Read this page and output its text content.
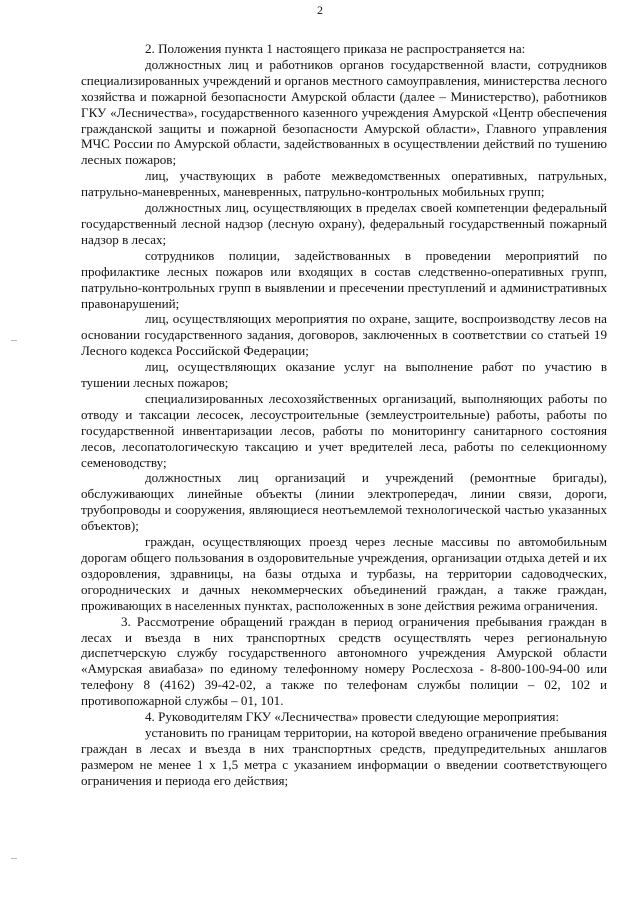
2

2. Положения пункта 1 настоящего приказа не распространяется на:

должностных лиц и работников органов государственной власти, сотрудников специализированных учреждений и органов местного самоуправления, министерства лесного хозяйства и пожарной безопасности Амурской области (далее – Министерство), работников ГКУ «Лесничества», государственного казенного учреждения Амурской «Центр обеспечения гражданской защиты и пожарной безопасности Амурской области», Главного управления МЧС России по Амурской области, задействованных в осуществлении действий по тушению лесных пожаров;

лиц, участвующих в работе межведомственных оперативных, патрульных, патрульно-маневренных, маневренных, патрульно-контрольных мобильных групп;

должностных лиц, осуществляющих в пределах своей компетенции федеральный государственный лесной надзор (лесную охрану), федеральный государственный пожарный надзор в лесах;

сотрудников полиции, задействованных в проведении мероприятий по профилактике лесных пожаров или входящих в состав следственно-оперативных групп, патрульно-контрольных групп в выявлении и пресечении преступлений и административных правонарушений;

лиц, осуществляющих мероприятия по охране, защите, воспроизводству лесов на основании государственного задания, договоров, заключенных в соответствии со статьей 19 Лесного кодекса Российской Федерации;

лиц, осуществляющих оказание услуг на выполнение работ по участию в тушении лесных пожаров;

специализированных лесохозяйственных организаций, выполняющих работы по отводу и таксации лесосек, лесоустроительные (землеустроительные) работы, работы по государственной инвентаризации лесов, работы по мониторингу санитарного состояния лесов, лесопатологическую таксацию и учет вредителей леса, работы по селекционному семеноводству;

должностных лиц организаций и учреждений (ремонтные бригады), обслуживающих линейные объекты (линии электропередач, линии связи, дороги, трубопроводы и сооружения, являющиеся неотъемлемой технологической частью указанных объектов);

граждан, осуществляющих проезд через лесные массивы по автомобильным дорогам общего пользования в оздоровительные учреждения, организации отдыха детей и их оздоровления, здравницы, на базы отдыха и турбазы, на территории садоводческих, огороднических и дачных некоммерческих объединений граждан, а также граждан, проживающих в населенных пунктах, расположенных в зоне действия режима ограничения.

3. Рассмотрение обращений граждан в период ограничения пребывания граждан в лесах и въезда в них транспортных средств осуществлять через региональную диспетчерскую службу государственного автономного учреждения Амурской области «Амурская авиабаза» по единому телефонному номеру Рослесхоза - 8-800-100-94-00 или телефону 8 (4162) 39-42-02, а также по телефонам службы полиции – 02, 102 и противопожарной службы – 01, 101.

4. Руководителям ГКУ «Лесничества» провести следующие мероприятия:

установить по границам территории, на которой введено ограничение пребывания граждан в лесах и въезда в них транспортных средств, предупредительных аншлагов размером не менее 1 х 1,5 метра с указанием информации о введении соответствующего ограничения и периода его действия;
